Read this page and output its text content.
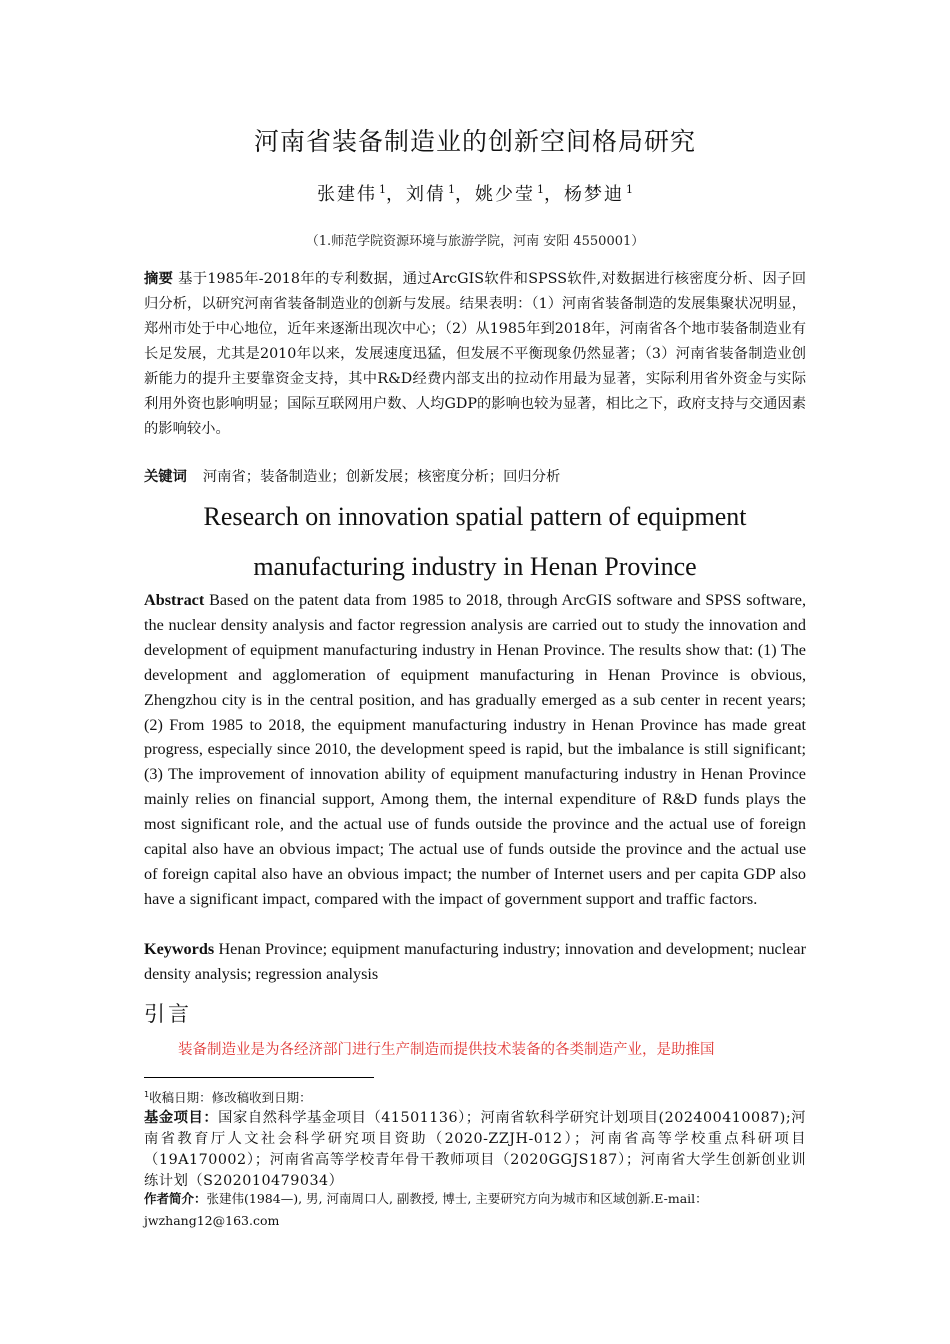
河南省装备制造业的创新空间格局研究
张建伟 $^1$，刘倩 $^1$，姚少莹 $^1$，杨梦迪 $^1$
（1.师范学院资源环境与旅游学院，河南 安阳 4550001）
摘要 基于1985年-2018年的专利数据，通过ArcGIS软件和SPSS软件,对数据进行核密度分析、因子回归分析，以研究河南省装备制造业的创新与发展。结果表明：（1）河南省装备制造的发展集聚状况明显，郑州市处于中心地位，近年来逐渐出现次中心；（2）从1985年到2018年，河南省各个地市装备制造业有长足发展，尤其是2010年以来，发展速度迅猛，但发展不平衡现象仍然显著；（3）河南省装备制造业创新能力的提升主要靠资金支持，其中R&D经费内部支出的拉动作用最为显著，实际利用省外资金与实际利用外资也影响明显；国际互联网用户数、人均GDP的影响也较为显著，相比之下，政府支持与交通因素的影响较小。
关键词 河南省；装备制造业；创新发展；核密度分析；回归分析
Research on innovation spatial pattern of equipment
manufacturing industry in Henan Province
Abstract Based on the patent data from 1985 to 2018, through ArcGIS software and SPSS software, the nuclear density analysis and factor regression analysis are carried out to study the innovation and development of equipment manufacturing industry in Henan Province. The results show that: (1) The development and agglomeration of equipment manufacturing in Henan Province is obvious, Zhengzhou city is in the central position, and has gradually emerged as a sub center in recent years; (2) From 1985 to 2018, the equipment manufacturing industry in Henan Province has made great progress, especially since 2010, the development speed is rapid, but the imbalance is still significant; (3) The improvement of innovation ability of equipment manufacturing industry in Henan Province mainly relies on financial support, Among them, the internal expenditure of R&D funds plays the most significant role, and the actual use of funds outside the province and the actual use of foreign capital also have an obvious impact; The actual use of funds outside the province and the actual use of foreign capital also have an obvious impact; the number of Internet users and per capita GDP also have a significant impact, compared with the impact of government support and traffic factors.
Keywords Henan Province; equipment manufacturing industry; innovation and development; nuclear density analysis; regression analysis
引言
装备制造业是为各经济部门进行生产制造而提供技术装备的各类制造产业，是助推国
$^1$收稿日期：修改稿收到日期：
基金项目：国家自然科学基金项目（41501136）；河南省软科学研究计划项目(202400410087);河南省教育厅人文社会科学研究项目资助（2020-ZZJH-012）；河南省高等学校重点科研项目（19A170002）；河南省高等学校青年骨干教师项目（2020GGJS187）；河南省大学生创新创业训练计划（S202010479034）
作者简介：张建伟(1984—), 男, 河南周口人, 副教授, 博士, 主要研究方向为城市和区域创新.E-mail：jwzhang12@163.com
